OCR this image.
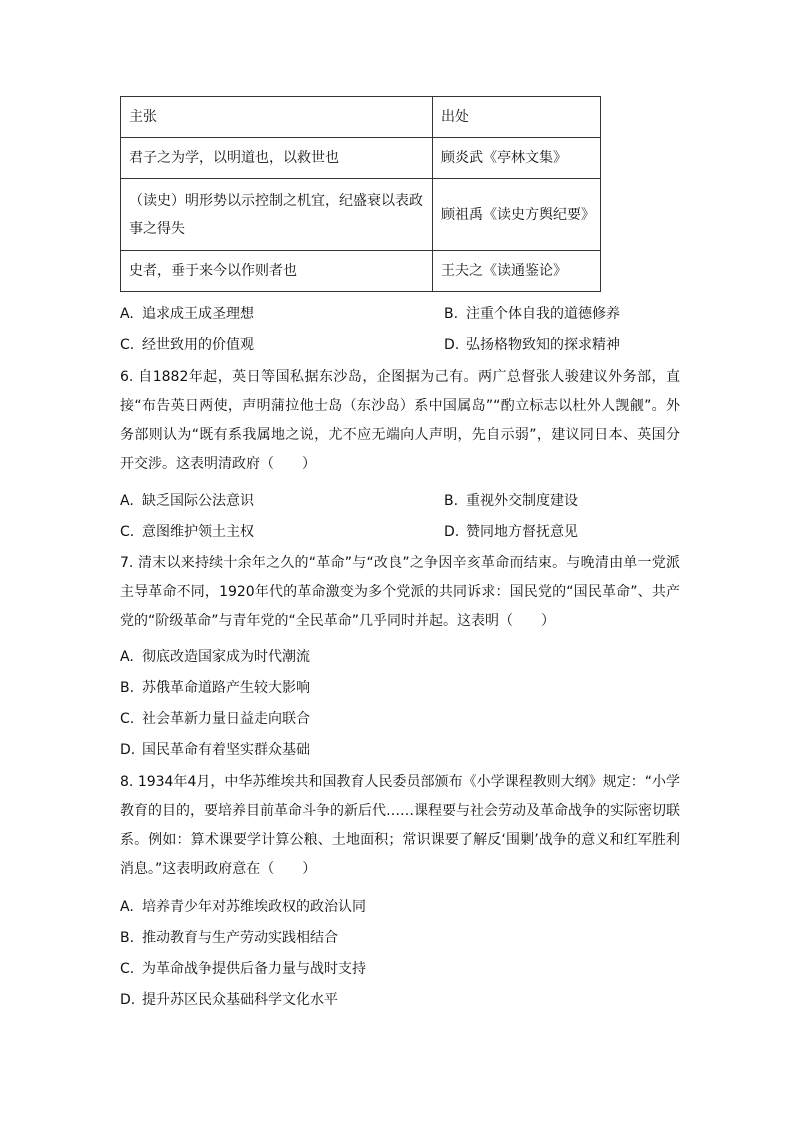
主张	出处
君子之为学，以明道也，以救世也	顾炎武《亭林文集》
（读史）明形势以示控制之机宜，纪盛衰以表政事之得失	顾祖禹《读史方舆纪要》
史者，垂于来今以作则者也	王夫之《读通鉴论》
A. 追求成王成圣理想	B. 注重个体自我的道德修养
C. 经世致用的价值观	D. 弘扬格物致知的探求精神
6. 自1882年起，英日等国私据东沙岛，企图据为己有。两广总督张人骏建议外务部，直接“布告英日两使，声明蒲拉他士岛（东沙岛）系中国属岛”“酌立标志以杜外人觊觎”。外务部则认为“既有系我属地之说，尤不应无端向人声明，先自示弱”，建议同日本、英国分开交涉。这表明清政府（　　）
A. 缺乏国际公法意识	B. 重视外交制度建设
C. 意图维护领土主权	D. 赞同地方督抚意见
7. 清末以来持续十余年之久的“革命”与“改良”之争因辛亥革命而结束。与晚清由单一党派主导革命不同，1920年代的革命激变为多个党派的共同诉求：国民党的“国民革命”、共产党的“阶级革命”与青年党的“全民革命”几乎同时并起。这表明（　　）
A. 彻底改造国家成为时代潮流
B. 苏俄革命道路产生较大影响
C. 社会革新力量日益走向联合
D. 国民革命有着坚实群众基础
8. 1934年4月，中华苏维埃共和国教育人民委员部颁布《小学课程教则大纲》规定：“小学教育的目的，要培养目前革命斗争的新后代……课程要与社会劳动及革命战争的实际密切联系。例如：算术课要学计算公粮、土地面积；常识课要了解反‘围剿’战争的意义和红军胜利消息。”这表明政府意在（　　）
A. 培养青少年对苏维埃政权的政治认同
B. 推动教育与生产劳动实践相结合
C. 为革命战争提供后备力量与战时支持
D. 提升苏区民众基础科学文化水平
